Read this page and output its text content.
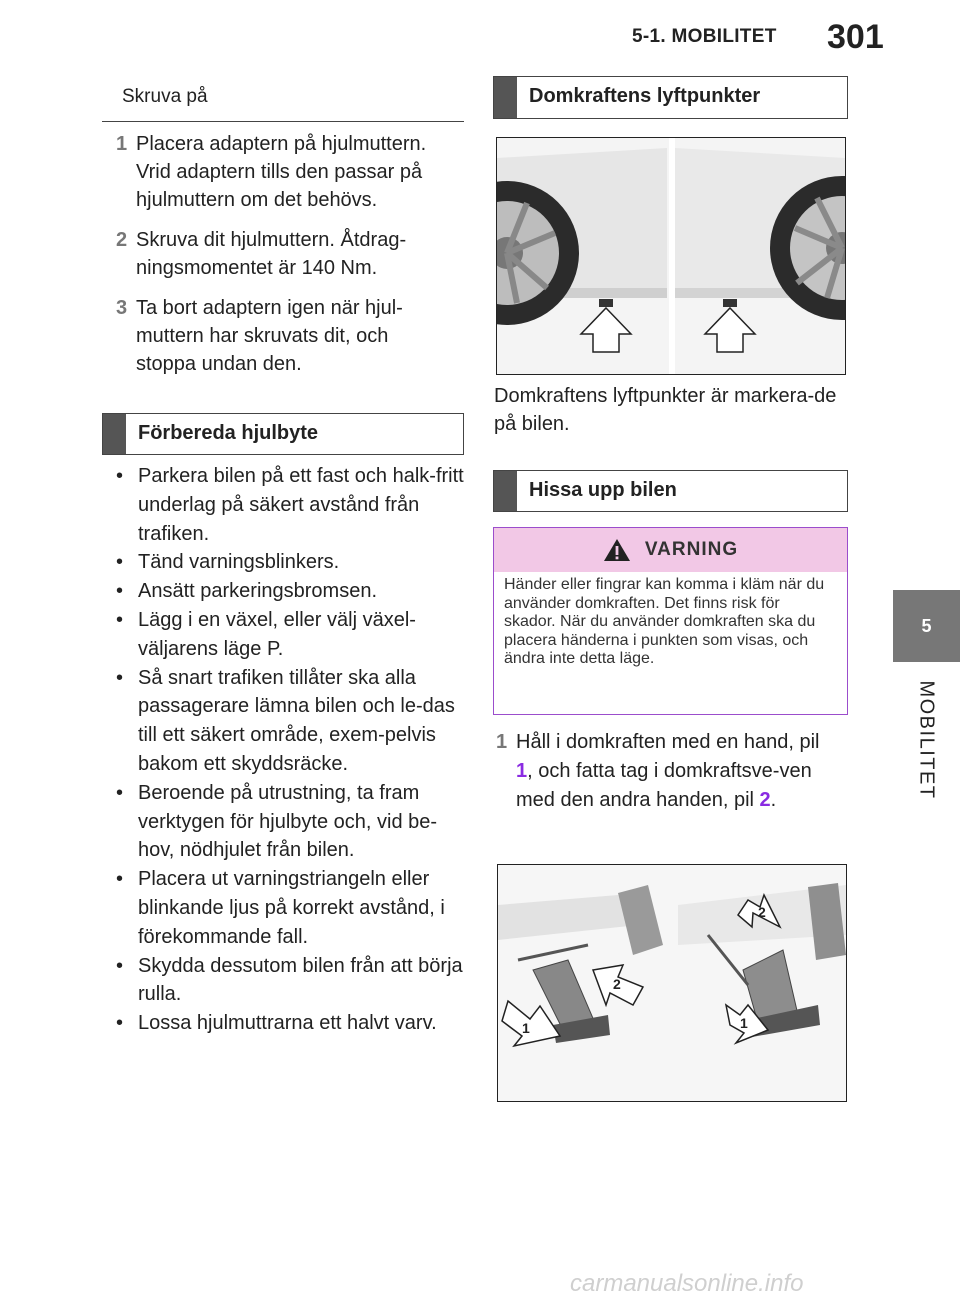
5-1. MOBILITET 301
5
MOBILITET
Skruva på
1 Placera adaptern på hjulmuttern. Vrid adaptern tills den passar på hjulmuttern om det behövs.
2 Skruva dit hjulmuttern. Åtdrag-ningsmomentet är 140 Nm.
3 Ta bort adaptern igen när hjul-muttern har skruvats dit, och stoppa undan den.
Förbereda hjulbyte
• Parkera bilen på ett fast och halk-fritt underlag på säkert avstånd från trafiken.
• Tänd varningsblinkers.
• Ansätt parkeringsbromsen.
• Lägg i en växel, eller välj växel-väljarens läge P.
• Så snart trafiken tillåter ska alla passagerare lämna bilen och le-das till ett säkert område, exem-pelvis bakom ett skyddsräcke.
• Beroende på utrustning, ta fram verktygen för hjulbyte och, vid be-hov, nödhjulet från bilen.
• Placera ut varningstriangeln eller blinkande ljus på korrekt avstånd, i förekommande fall.
• Skydda dessutom bilen från att börja rulla.
• Lossa hjulmuttrarna ett halvt varv.
Domkraftens lyftpunkter
Domkraftens lyftpunkter är markera-de på bilen.
Hissa upp bilen
VARNING
Händer eller fingrar kan komma i kläm när du använder domkraften. Det finns risk för skador. När du använder domkraften ska du placera händerna i punkten som visas, och ändra inte detta läge.
1 Håll i domkraften med en hand, pil 1, och fatta tag i domkraftsve-ven med den andra handen, pil 2.
1
2
2
1
carmanualsonline.info
